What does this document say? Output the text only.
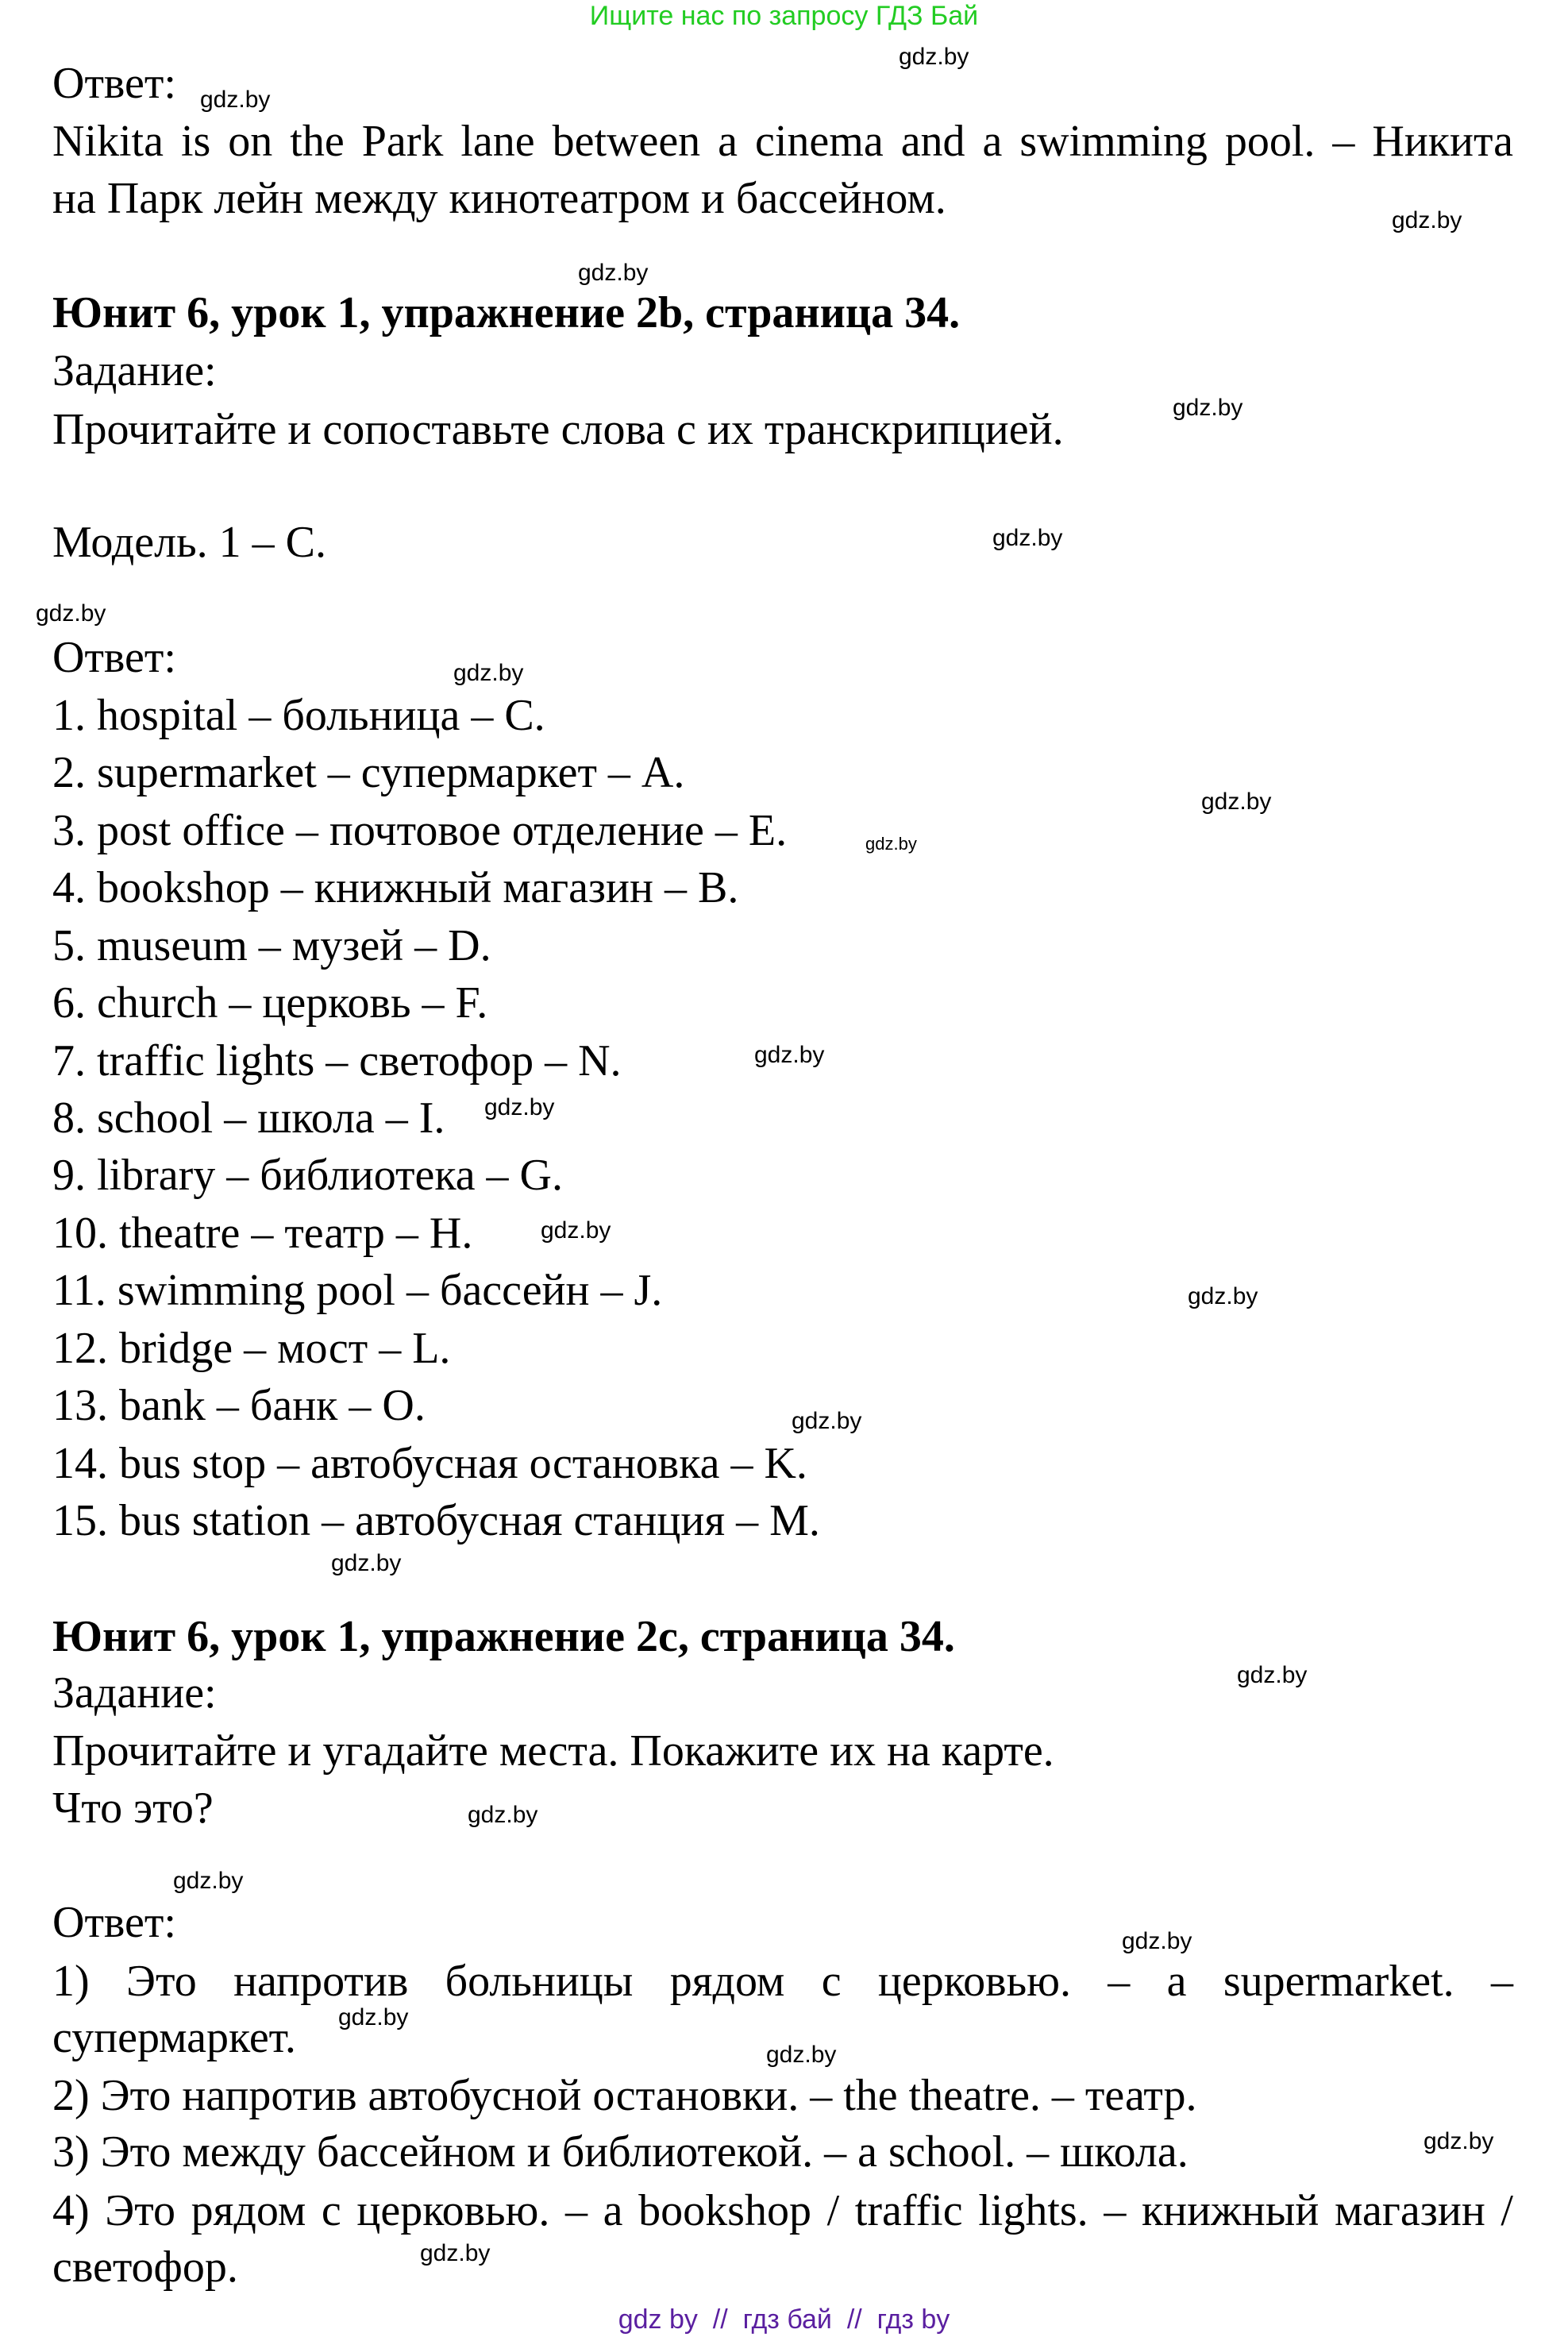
Ищите нас по запросу ГДЗ Бай
Ответ:
Nikita is on the Park lane between a cinema and a swimming pool. – Никита
на Парк лейн между кинотеатром и бассейном.
Юнит 6, урок 1, упражнение 2b, страница 34.
Задание:
Прочитайте и сопоставьте слова с их транскрипцией.
Модель. 1 – C.
Ответ:
1. hospital – больница – C.
2. supermarket – супермаркет – A.
3. post office – почтовое отделение – E.
4. bookshop – книжный магазин – B.
5. museum – музей – D.
6. church – церковь – F.
7. traffic lights – светофор – N.
8. school – школа – I.
9. library – библиотека – G.
10. theatre – театр – H.
11. swimming pool – бассейн – J.
12. bridge – мост – L.
13. bank – банк – O.
14. bus stop – автобусная остановка – K.
15. bus station – автобусная станция – M.
Юнит 6, урок 1, упражнение 2c, страница 34.
Задание:
Прочитайте и угадайте места. Покажите их на карте.
Что это?
Ответ:
1) Это напротив больницы рядом с церковью. – a supermarket. –
супермаркет.
2) Это напротив автобусной остановки. – the theatre. – театр.
3) Это между бассейном и библиотекой. – a school. – школа.
4) Это рядом с церковью. – a bookshop / traffic lights. – книжный магазин /
светофор.
gdz.by
gdz.by
gdz.by
gdz.by
gdz.by
gdz.by
gdz.by
gdz.by
gdz.by
gdz.by
gdz.by
gdz.by
gdz.by
gdz.by
gdz.by
gdz.by
gdz.by
gdz.by
gdz.by
gdz.by
gdz.by
gdz.by
gdz.by
gdz.by
gdz by  //  гдз бай  //  гдз by
